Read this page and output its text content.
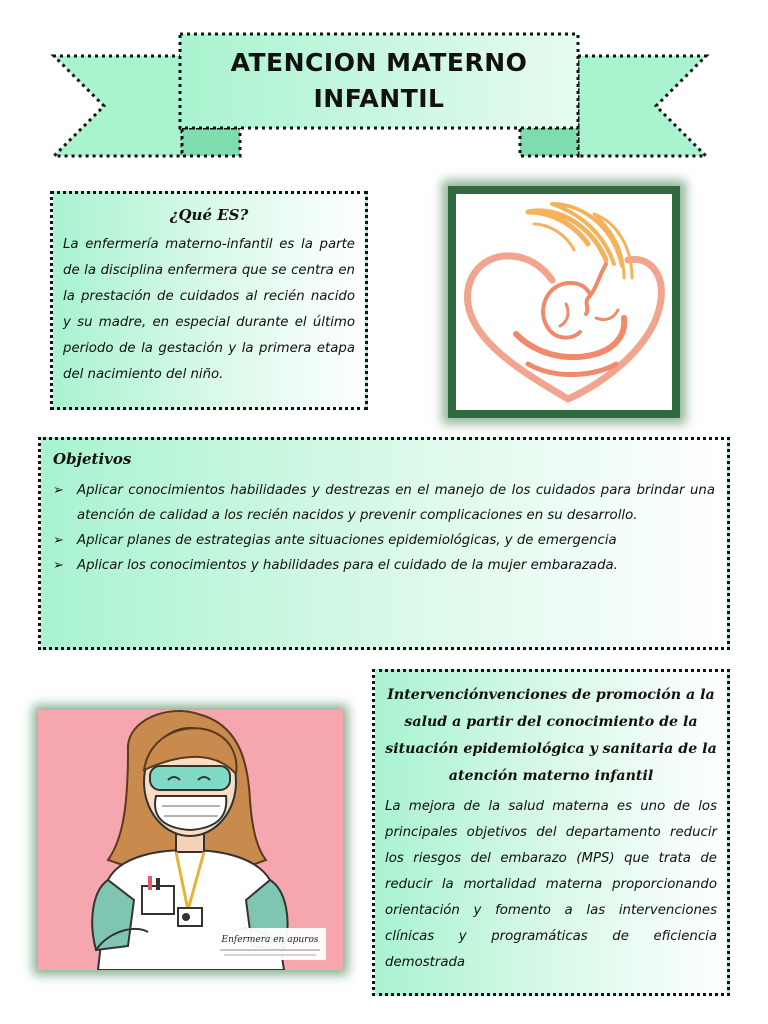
ATENCION MATERNO
INFANTIL
¿Qué ES?
La enfermería materno-infantil es la parte de la disciplina enfermera que se centra en la prestación de cuidados al recién nacido y su madre, en especial durante el último periodo de la gestación y la primera etapa del nacimiento del niño.
Objetivos
➢ Aplicar conocimientos habilidades y destrezas en el manejo de los cuidados para brindar una atención de calidad a los recién nacidos y prevenir complicaciones en su desarrollo.
➢ Aplicar planes de estrategias ante situaciones epidemiológicas, y de emergencia
➢ Aplicar los conocimientos y habilidades para el cuidado de la mujer embarazada.
Enfermera en apuros
Intervenciónvenciones de promoción a la salud a partir del conocimiento de la situación epidemiológica y sanitaria de la atención materno infantil
La mejora de la salud materna es uno de los principales objetivos del departamento reducir los riesgos del embarazo (MPS) que trata de reducir la mortalidad materna proporcionando orientación y fomento a las intervenciones clínicas y programáticas de eficiencia demostrada
